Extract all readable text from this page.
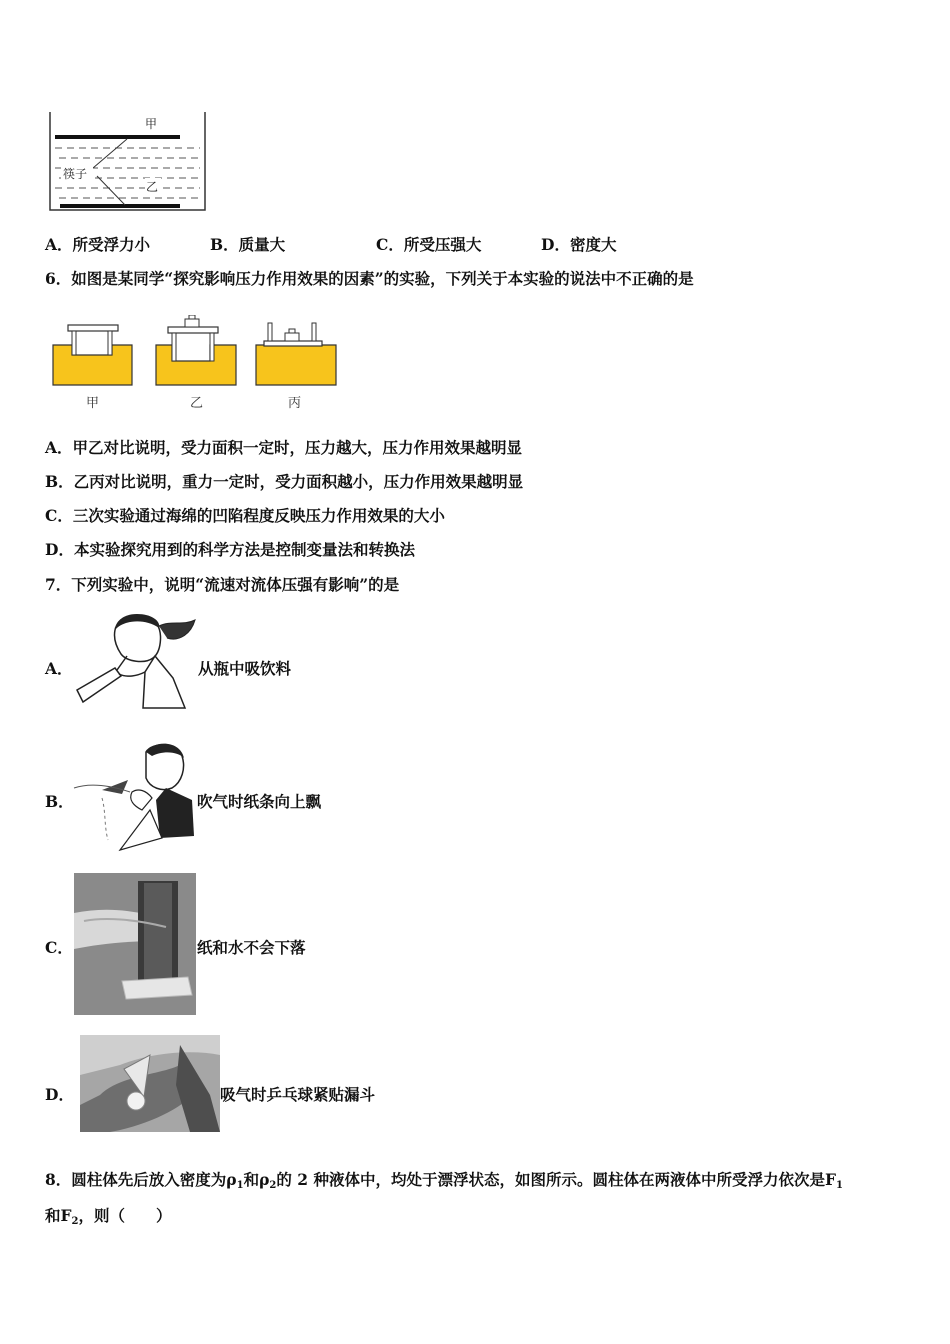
甲
筷子
乙
A．所受浮力小	B．质量大	C．所受压强大	D．密度大
6．如图是某同学“探究影响压力作用效果的因素”的实验，下列关于本实验的说法中不正确的是
甲	乙	丙
A．甲乙对比说明，受力面积一定时，压力越大，压力作用效果越明显
B．乙丙对比说明，重力一定时，受力面积越小，压力作用效果越明显
C．三次实验通过海绵的凹陷程度反映压力作用效果的大小
D．本实验探究用到的科学方法是控制变量法和转换法
7．下列实验中，说明“流速对流体压强有影响”的是
A．	从瓶中吸饮料
B．	吹气时纸条向上飘
C．	纸和水不会下落
D．	吸气时乒乓球紧贴漏斗
8．圆柱体先后放入密度为$\rho_1$和$\rho_2$的 2 种液体中，均处于漂浮状态，如图所示。圆柱体在两液体中所受浮力依次是$F_1$
和$F_2$，则（　　）
